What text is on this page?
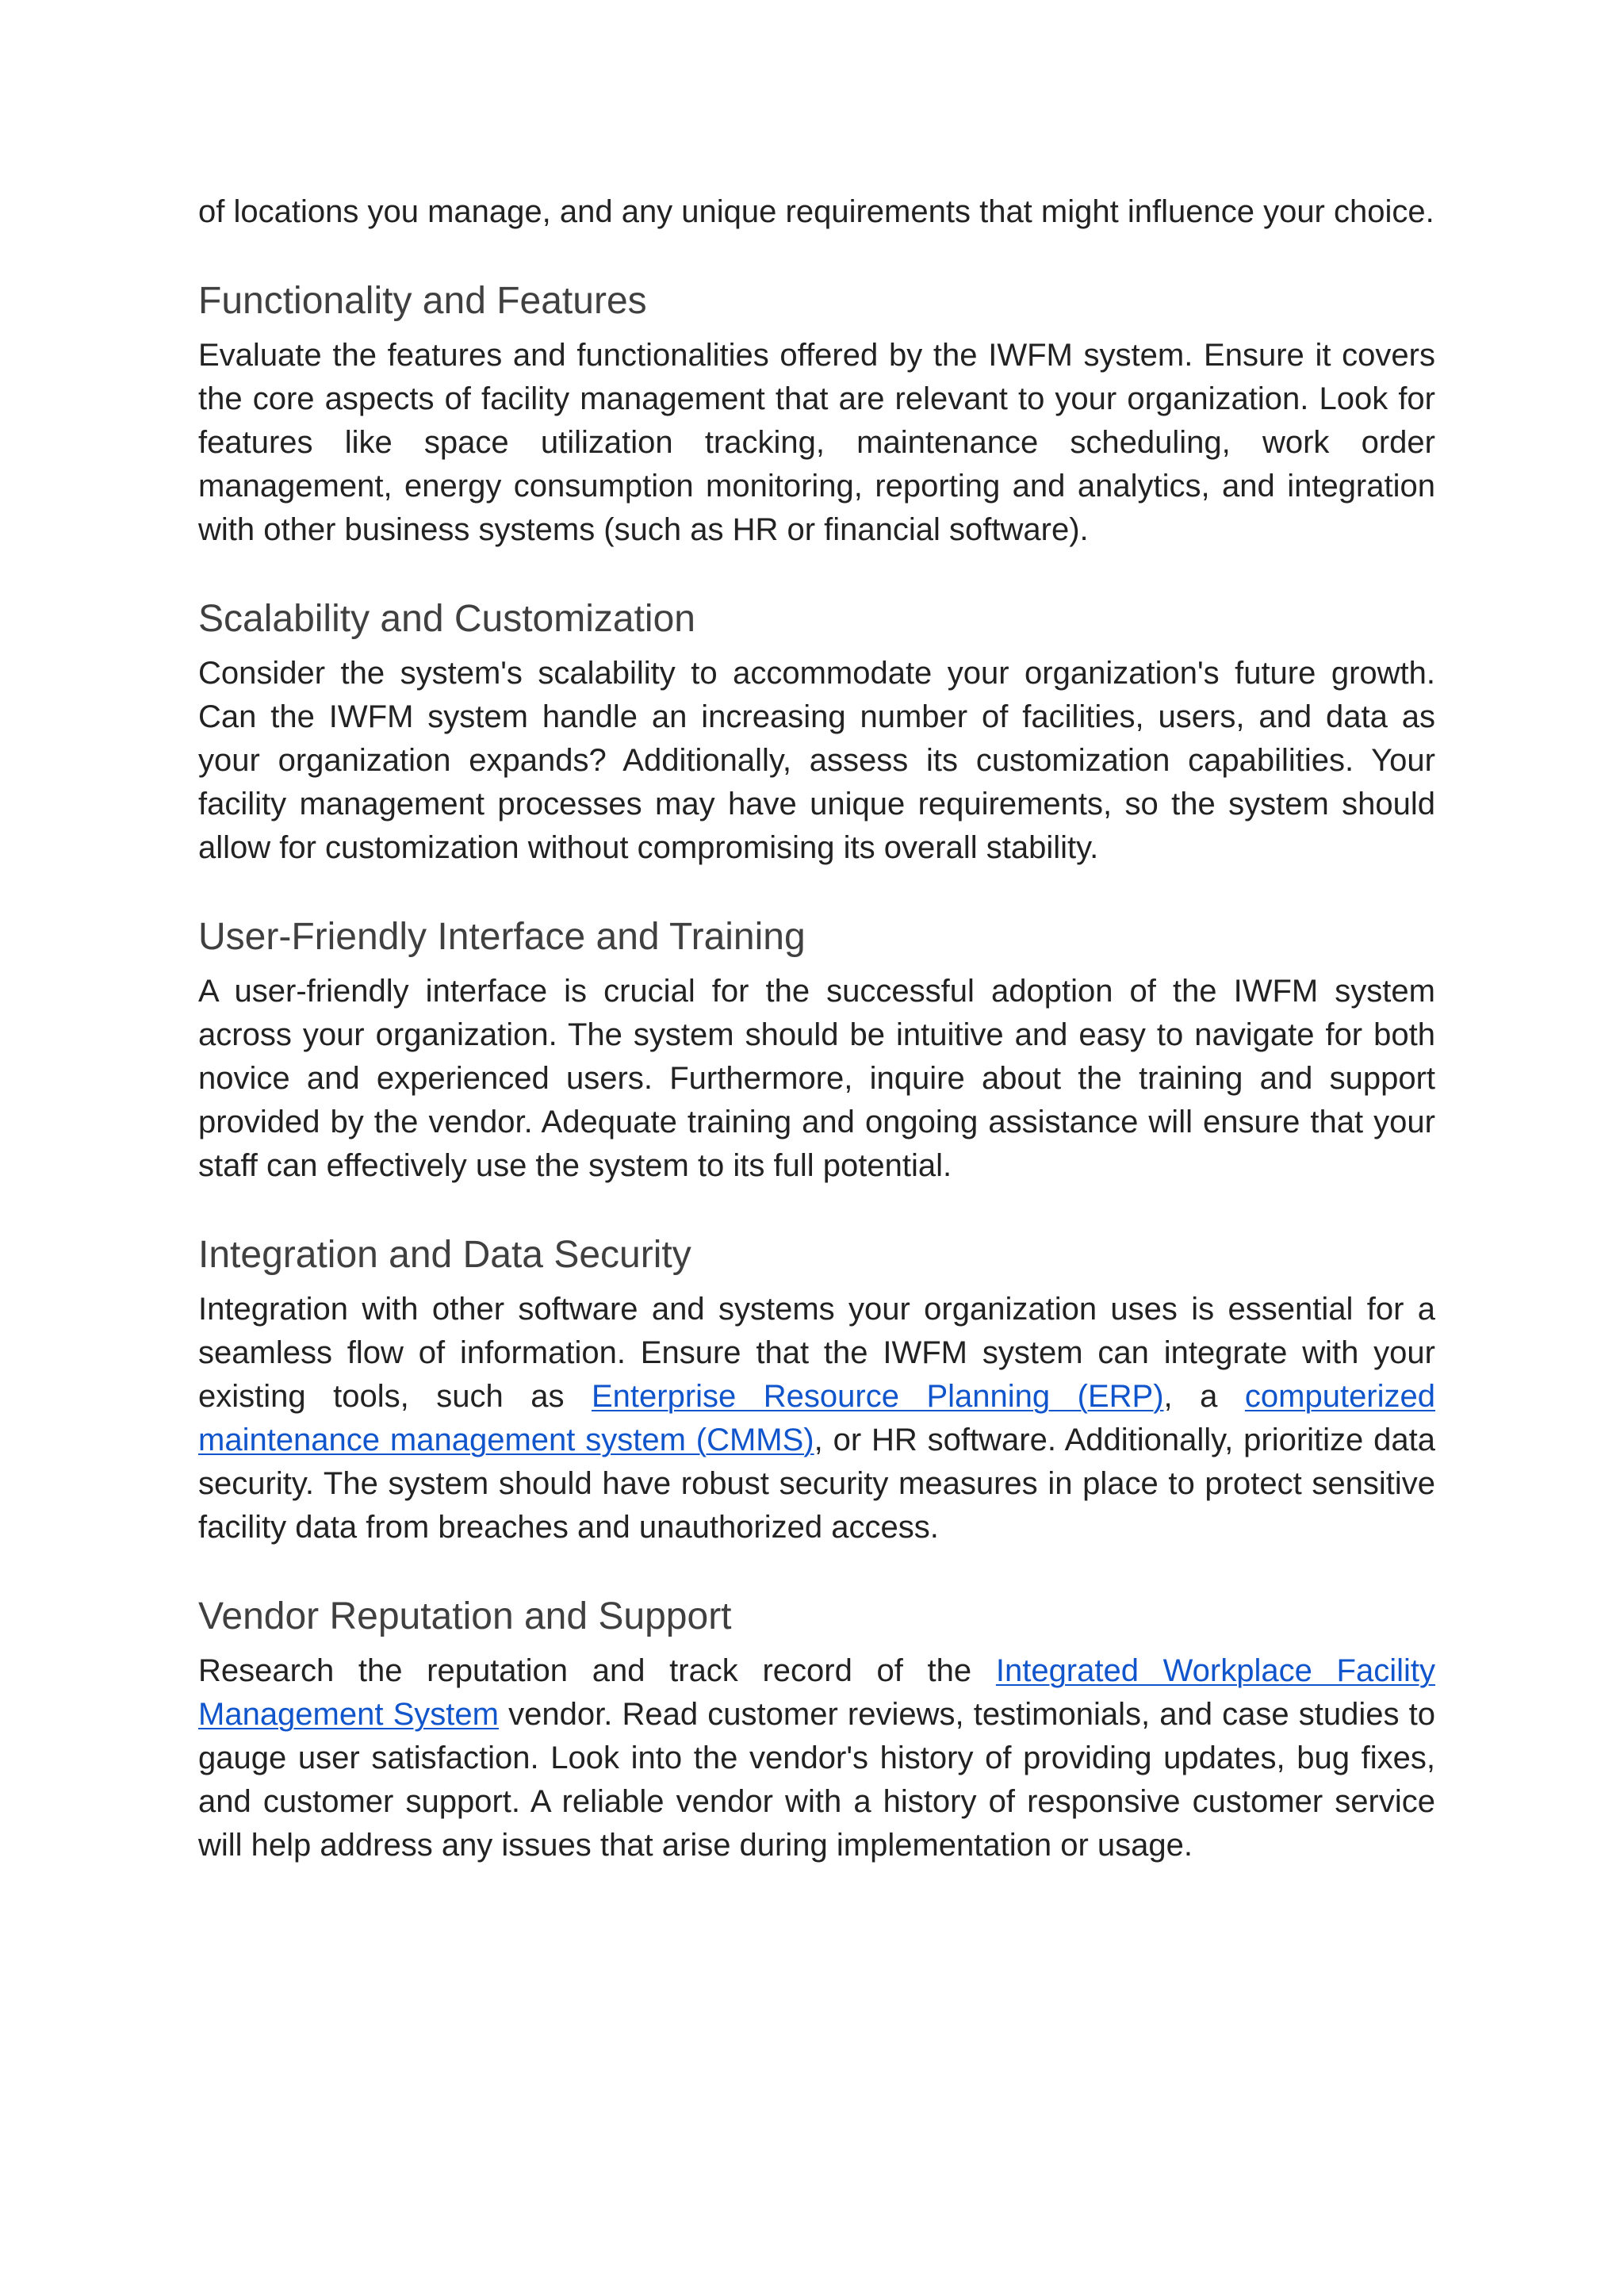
of locations you manage, and any unique requirements that might influence your choice.

Functionality and Features

Evaluate the features and functionalities offered by the IWFM system. Ensure it covers the core aspects of facility management that are relevant to your organization. Look for features like space utilization tracking, maintenance scheduling, work order management, energy consumption monitoring, reporting and analytics, and integration with other business systems (such as HR or financial software).

Scalability and Customization

Consider the system's scalability to accommodate your organization's future growth. Can the IWFM system handle an increasing number of facilities, users, and data as your organization expands? Additionally, assess its customization capabilities. Your facility management processes may have unique requirements, so the system should allow for customization without compromising its overall stability.

User-Friendly Interface and Training

A user-friendly interface is crucial for the successful adoption of the IWFM system across your organization. The system should be intuitive and easy to navigate for both novice and experienced users. Furthermore, inquire about the training and support provided by the vendor. Adequate training and ongoing assistance will ensure that your staff can effectively use the system to its full potential.

Integration and Data Security

Integration with other software and systems your organization uses is essential for a seamless flow of information. Ensure that the IWFM system can integrate with your existing tools, such as Enterprise Resource Planning (ERP), a computerized maintenance management system (CMMS), or HR software. Additionally, prioritize data security. The system should have robust security measures in place to protect sensitive facility data from breaches and unauthorized access.

Vendor Reputation and Support

Research the reputation and track record of the Integrated Workplace Facility Management System vendor. Read customer reviews, testimonials, and case studies to gauge user satisfaction. Look into the vendor's history of providing updates, bug fixes, and customer support. A reliable vendor with a history of responsive customer service will help address any issues that arise during implementation or usage.
